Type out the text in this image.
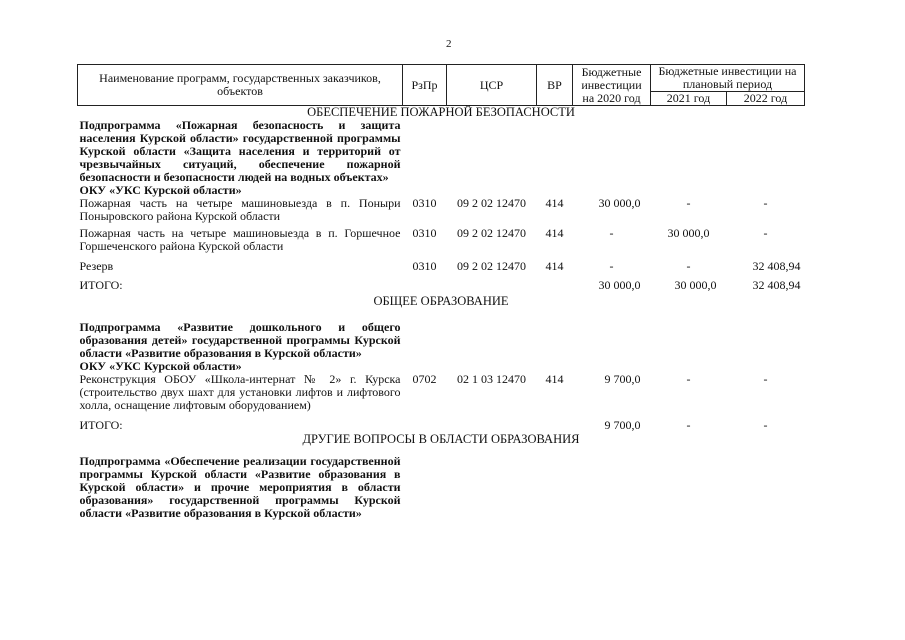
2
Наименование программ, государственных заказчиков, объектов	РзПр	ЦСР	ВР	Бюджетные инвестиции на 2020 год	Бюджетные инвестиции на плановый период	
					2021 год	2022 год
ОБЕСПЕЧЕНИЕ ПОЖАРНОЙ БЕЗОПАСНОСТИ						
Подпрограмма «Пожарная безопасность и защита населения Курской области» государственной программы Курской области «Защита населения и территорий от чрезвычайных ситуаций, обеспечение пожарной безопасности и безопасности людей на водных объектах»						
ОКУ «УКС Курской области»						
Пожарная часть на четыре машиновыезда в п. Поныри Поныровского района Курской области	0310	09 2 02 12470	414	30 000,0	-	-
Пожарная часть на четыре машиновыезда в п. Горшечное Горшеченского района Курской области	0310	09 2 02 12470	414	-	30 000,0	-
Резерв	0310	09 2 02 12470	414	-	-	32 408,94
ИТОГО:				30 000,0	30 000,0	32 408,94
ОБЩЕЕ ОБРАЗОВАНИЕ						
Подпрограмма «Развитие дошкольного и общего образования детей» государственной программы Курской области «Развитие образования в Курской области»						
ОКУ «УКС Курской области»						
Реконструкция ОБОУ «Школа-интернат № 2» г. Курска (строительство двух шахт для установки лифтов и лифтового холла, оснащение лифтовым оборудованием)	0702	02 1 03 12470	414	9 700,0	-	-
ИТОГО:				9 700,0	-	-
ДРУГИЕ ВОПРОСЫ В ОБЛАСТИ ОБРАЗОВАНИЯ						
Подпрограмма «Обеспечение реализации государственной программы Курской области «Развитие образования в Курской области» и прочие мероприятия в области образования» государственной программы Курской области «Развитие образования в Курской области»						
